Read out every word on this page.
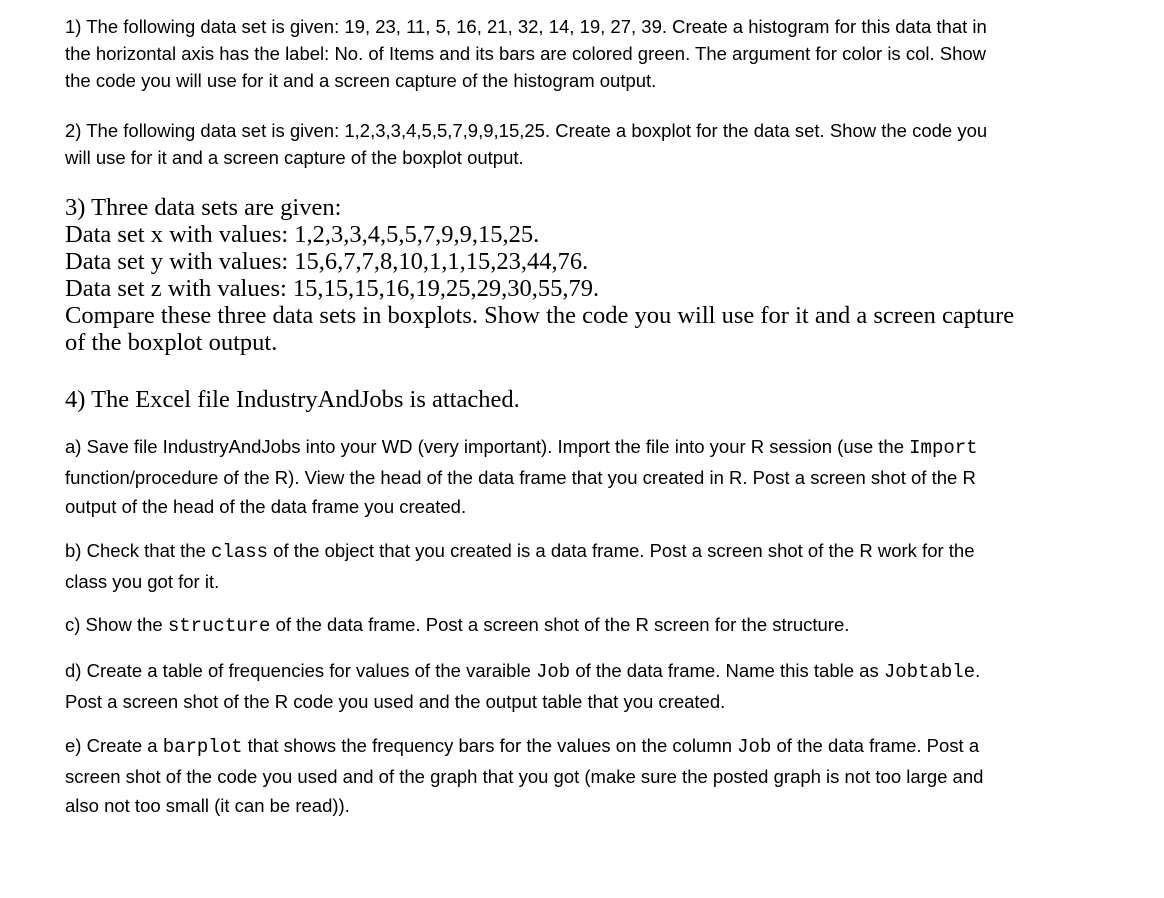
1) The following data set is given: 19, 23, 11, 5, 16, 21, 32, 14, 19, 27, 39. Create a histogram for this data that in

the horizontal axis has the label: No. of Items and its bars are colored green. The argument for color is col. Show

the code you will use for it and a screen capture of the histogram output.

2) The following data set is given: 1,2,3,3,4,5,5,7,9,9,15,25. Create a boxplot for the data set. Show the code you

will use for it and a screen capture of the boxplot output.

3) Three data sets are given:

Data set x with values: 1,2,3,3,4,5,5,7,9,9,15,25.

Data set y with values: 15,6,7,7,8,10,1,1,15,23,44,76.

Data set z with values: 15,15,15,16,19,25,29,30,55,79.

Compare these three data sets in boxplots. Show the code you will use for it and a screen capture

of the boxplot output.

4) The Excel file IndustryAndJobs is attached.

a) Save file IndustryAndJobs into your WD (very important). Import the file into your R session (use the Import

function/procedure of the R). View the head of the data frame that you created in R. Post a screen shot of the R

output of the head of the data frame you created.

b) Check that the class of the object that you created is a data frame. Post a screen shot of the R work for the

class you got for it.

c) Show the structure of the data frame. Post a screen shot of the R screen for the structure.

d) Create a table of frequencies for values of the varaible Job of the data frame. Name this table as Jobtable.

Post a screen shot of the R code you used and the output table that you created.

e) Create a barplot that shows the frequency bars for the values on the column Job of the data frame. Post a

screen shot of the code you used and of the graph that you got (make sure the posted graph is not too large and

also not too small (it can be read)).
